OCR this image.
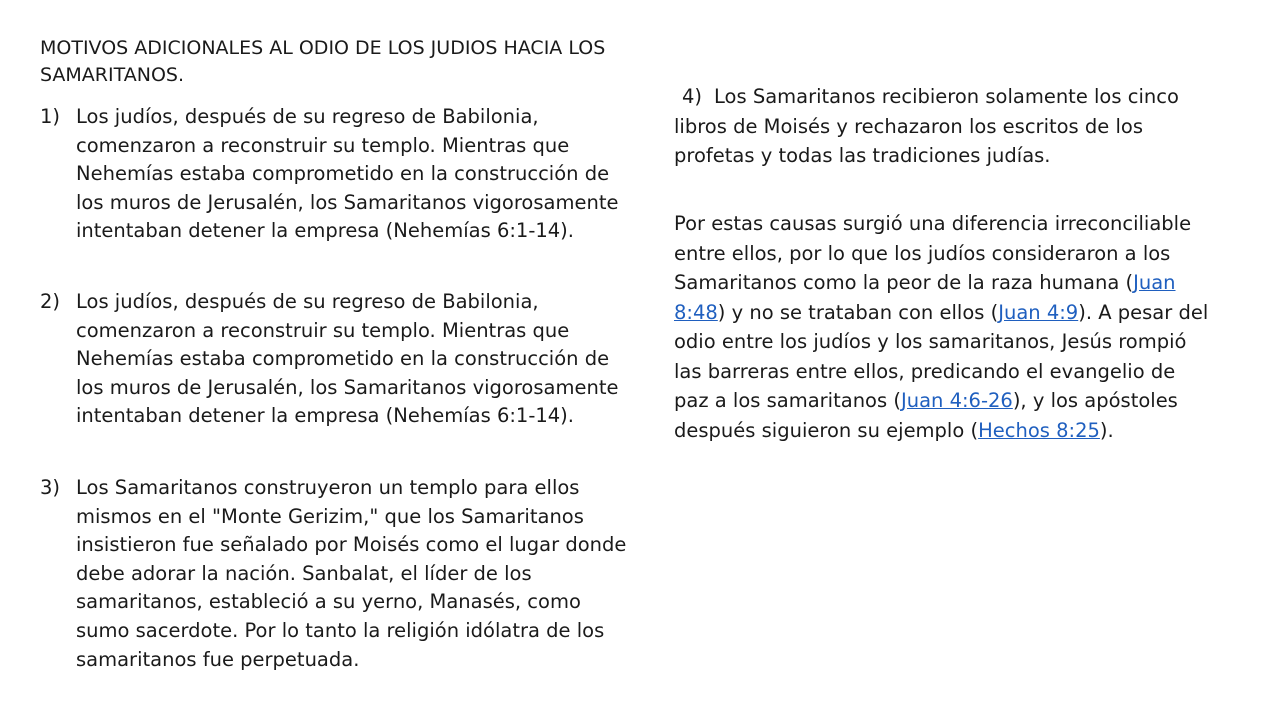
MOTIVOS ADICIONALES AL ODIO DE LOS JUDIOS HACIA LOS SAMARITANOS.
1) Los judíos, después de su regreso de Babilonia, comenzaron a reconstruir su templo. Mientras que Nehemías estaba comprometido en la construcción de los muros de Jerusalén, los Samaritanos vigorosamente intentaban detener la empresa (Nehemías 6:1-14).
2) Los judíos, después de su regreso de Babilonia, comenzaron a reconstruir su templo. Mientras que Nehemías estaba comprometido en la construcción de los muros de Jerusalén, los Samaritanos vigorosamente intentaban detener la empresa (Nehemías 6:1-14).
3) Los Samaritanos construyeron un templo para ellos mismos en el "Monte Gerizim," que los Samaritanos insistieron fue señalado por Moisés como el lugar donde debe adorar la nación. Sanbalat, el líder de los samaritanos, estableció a su yerno, Manasés, como sumo sacerdote. Por lo tanto la religión idólatra de los samaritanos fue perpetuada.
4) Los Samaritanos recibieron solamente los cinco libros de Moisés y rechazaron los escritos de los profetas y todas las tradiciones judías.
Por estas causas surgió una diferencia irreconciliable entre ellos, por lo que los judíos consideraron a los Samaritanos como la peor de la raza humana (Juan 8:48) y no se trataban con ellos (Juan 4:9). A pesar del odio entre los judíos y los samaritanos, Jesús rompió las barreras entre ellos, predicando el evangelio de paz a los samaritanos (Juan 4:6-26), y los apóstoles después siguieron su ejemplo (Hechos 8:25).
